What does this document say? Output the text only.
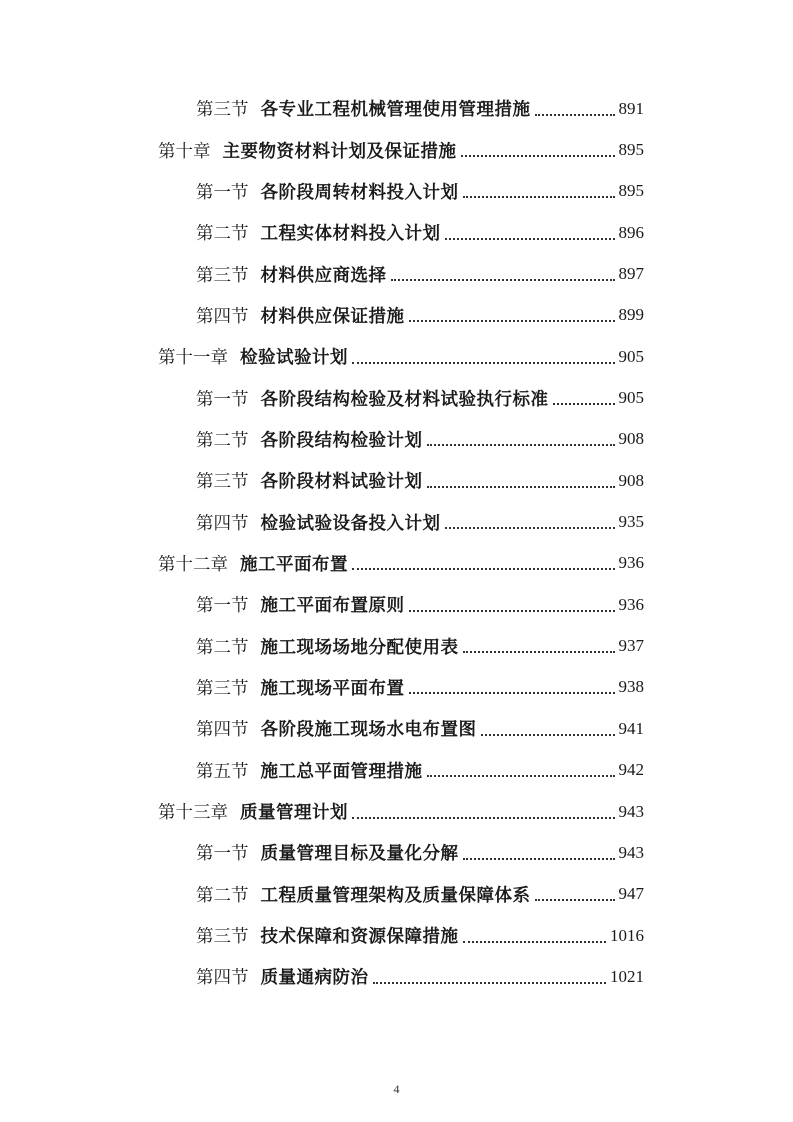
第三节 各专业工程机械管理使用管理措施	891
第十章 主要物资材料计划及保证措施	895
第一节 各阶段周转材料投入计划	895
第二节 工程实体材料投入计划	896
第三节 材料供应商选择	897
第四节 材料供应保证措施	899
第十一章 检验试验计划	905
第一节 各阶段结构检验及材料试验执行标准	905
第二节 各阶段结构检验计划	908
第三节 各阶段材料试验计划	908
第四节 检验试验设备投入计划	935
第十二章 施工平面布置	936
第一节 施工平面布置原则	936
第二节 施工现场场地分配使用表	937
第三节 施工现场平面布置	938
第四节 各阶段施工现场水电布置图	941
第五节 施工总平面管理措施	942
第十三章 质量管理计划	943
第一节 质量管理目标及量化分解	943
第二节 工程质量管理架构及质量保障体系	947
第三节 技术保障和资源保障措施	1016
第四节 质量通病防治	1021
4
